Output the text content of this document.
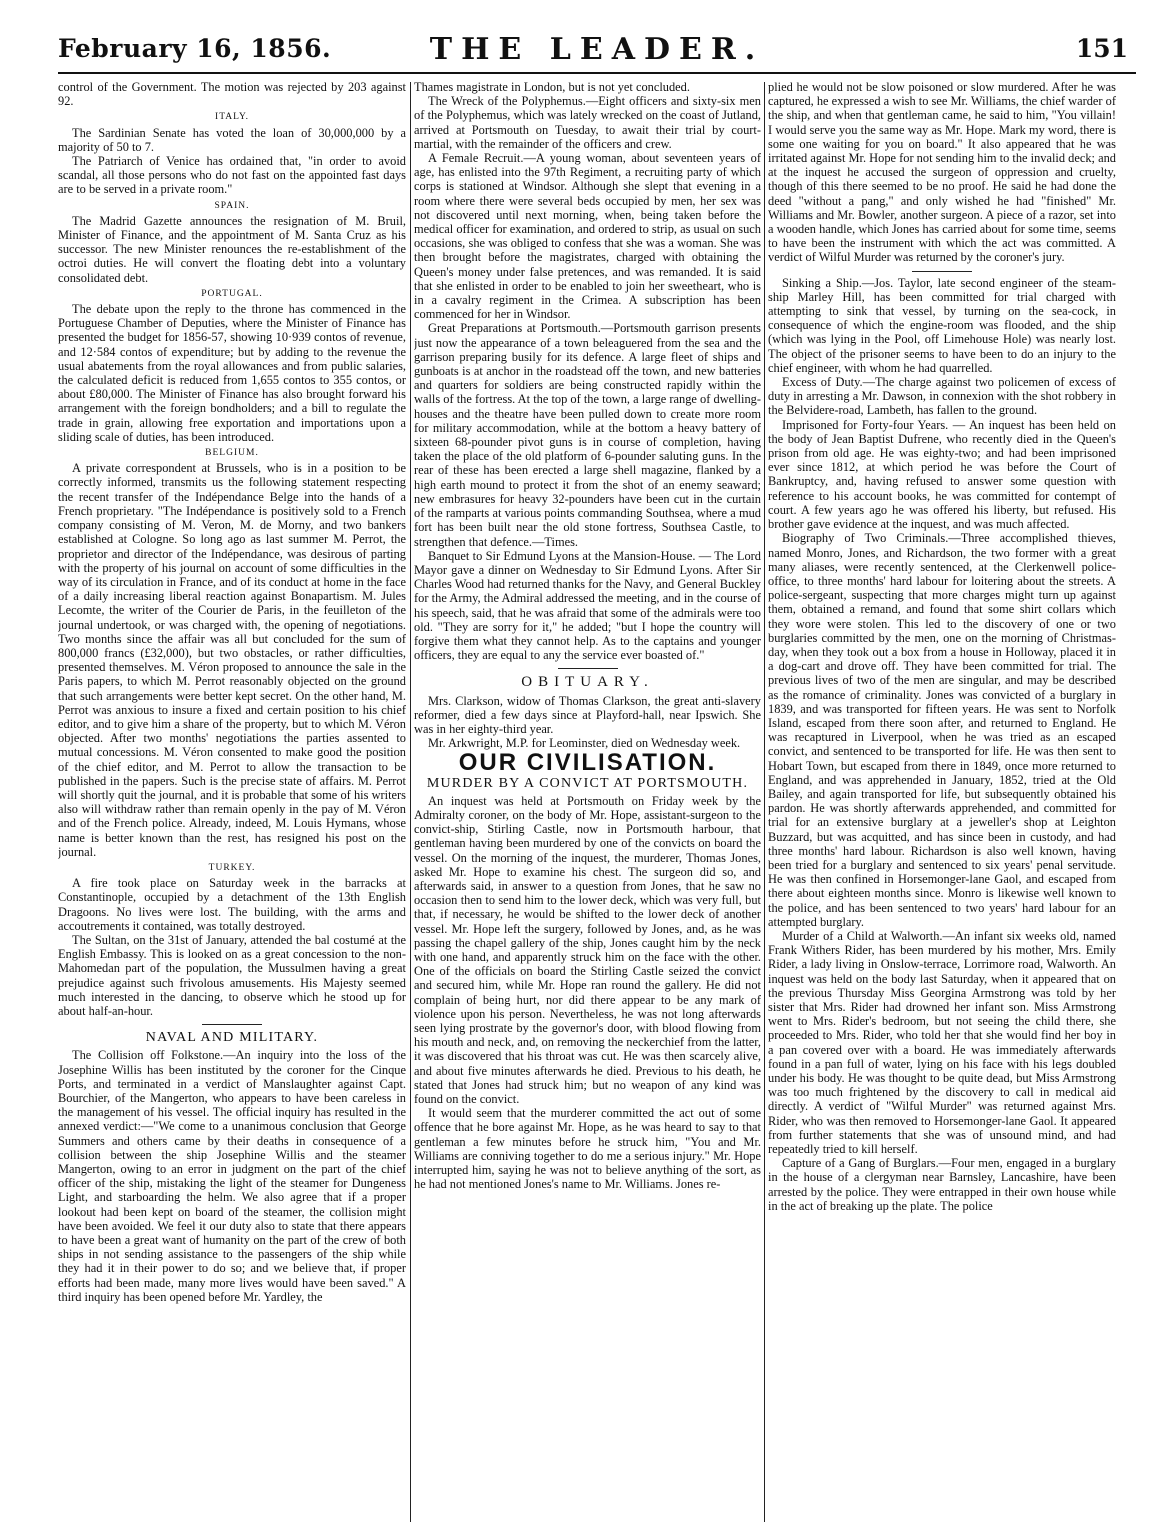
February 16, 1856.	THE LEADER.	151

control of the Government. The motion was rejected by 203 against 92.

ITALY.

The Sardinian Senate has voted the loan of 30,000,000 by a majority of 50 to 7.

The Patriarch of Venice has ordained that, "in order to avoid scandal, all those persons who do not fast on the appointed fast days are to be served in a private room."

SPAIN.

The Madrid Gazette announces the resignation of M. Bruil, Minister of Finance, and the appointment of M. Santa Cruz as his successor. The new Minister renounces the re-establishment of the octroi duties. He will convert the floating debt into a voluntary consolidated debt.

PORTUGAL.

The debate upon the reply to the throne has commenced in the Portuguese Chamber of Deputies, where the Minister of Finance has presented the budget for 1856-57, showing 10·939 contos of revenue, and 12·584 contos of expenditure; but by adding to the revenue the usual abatements from the royal allowances and from public salaries, the calculated deficit is reduced from 1,655 contos to 355 contos, or about £80,000. The Minister of Finance has also brought forward his arrangement with the foreign bondholders; and a bill to regulate the trade in grain, allowing free exportation and importations upon a sliding scale of duties, has been introduced.

BELGIUM.

A private correspondent at Brussels, who is in a position to be correctly informed, transmits us the following statement respecting the recent transfer of the Indépendance Belge into the hands of a French proprietary. "The Indépendance is positively sold to a French company consisting of M. Veron, M. de Morny, and two bankers established at Cologne. So long ago as last summer M. Perrot, the proprietor and director of the Indépendance, was desirous of parting with the property of his journal on account of some difficulties in the way of its circulation in France, and of its conduct at home in the face of a daily increasing liberal reaction against Bonapartism. M. Jules Lecomte, the writer of the Courier de Paris, in the feuilleton of the journal undertook, or was charged with, the opening of negotiations. Two months since the affair was all but concluded for the sum of 800,000 francs (£32,000), but two obstacles, or rather difficulties, presented themselves. M. Véron proposed to announce the sale in the Paris papers, to which M. Perrot reasonably objected on the ground that such arrangements were better kept secret. On the other hand, M. Perrot was anxious to insure a fixed and certain position to his chief editor, and to give him a share of the property, but to which M. Véron objected. After two months' negotiations the parties assented to mutual concessions. M. Véron consented to make good the position of the chief editor, and M. Perrot to allow the transaction to be published in the papers. Such is the precise state of affairs. M. Perrot will shortly quit the journal, and it is probable that some of his writers also will withdraw rather than remain openly in the pay of M. Véron and of the French police. Already, indeed, M. Louis Hymans, whose name is better known than the rest, has resigned his post on the journal.

TURKEY.

A fire took place on Saturday week in the barracks at Constantinople, occupied by a detachment of the 13th English Dragoons. No lives were lost. The building, with the arms and accoutrements it contained, was totally destroyed.

The Sultan, on the 31st of January, attended the bal costumé at the English Embassy. This is looked on as a great concession to the non-Mahomedan part of the population, the Mussulmen having a great prejudice against such frivolous amusements. His Majesty seemed much interested in the dancing, to observe which he stood up for about half-an-hour.

NAVAL AND MILITARY.

The Collision off Folkstone.—An inquiry into the loss of the Josephine Willis has been instituted by the coroner for the Cinque Ports, and terminated in a verdict of Manslaughter against Capt. Bourchier, of the Mangerton, who appears to have been careless in the management of his vessel. The official inquiry has resulted in the annexed verdict:—"We come to a unanimous conclusion that George Summers and others came by their deaths in consequence of a collision between the ship Josephine Willis and the steamer Mangerton, owing to an error in judgment on the part of the chief officer of the ship, mistaking the light of the steamer for Dungeness Light, and starboarding the helm. We also agree that if a proper lookout had been kept on board of the steamer, the collision might have been avoided. We feel it our duty also to state that there appears to have been a great want of humanity on the part of the crew of both ships in not sending assistance to the passengers of the ship while they had it in their power to do so; and we believe that, if proper efforts had been made, many more lives would have been saved." A third inquiry has been opened before Mr. Yardley, the

Thames magistrate in London, but is not yet concluded.

The Wreck of the Polyphemus.—Eight officers and sixty-six men of the Polyphemus, which was lately wrecked on the coast of Jutland, arrived at Portsmouth on Tuesday, to await their trial by court-martial, with the remainder of the officers and crew.

A Female Recruit.—A young woman, about seventeen years of age, has enlisted into the 97th Regiment, a recruiting party of which corps is stationed at Windsor. Although she slept that evening in a room where there were several beds occupied by men, her sex was not discovered until next morning, when, being taken before the medical officer for examination, and ordered to strip, as usual on such occasions, she was obliged to confess that she was a woman. She was then brought before the magistrates, charged with obtaining the Queen's money under false pretences, and was remanded. It is said that she enlisted in order to be enabled to join her sweetheart, who is in a cavalry regiment in the Crimea. A subscription has been commenced for her in Windsor.

Great Preparations at Portsmouth.—Portsmouth garrison presents just now the appearance of a town beleaguered from the sea and the garrison preparing busily for its defence. A large fleet of ships and gunboats is at anchor in the roadstead off the town, and new batteries and quarters for soldiers are being constructed rapidly within the walls of the fortress. At the top of the town, a large range of dwelling-houses and the theatre have been pulled down to create more room for military accommodation, while at the bottom a heavy battery of sixteen 68-pounder pivot guns is in course of completion, having taken the place of the old platform of 6-pounder saluting guns. In the rear of these has been erected a large shell magazine, flanked by a high earth mound to protect it from the shot of an enemy seaward; new embrasures for heavy 32-pounders have been cut in the curtain of the ramparts at various points commanding Southsea, where a mud fort has been built near the old stone fortress, Southsea Castle, to strengthen that defence.—Times.

Banquet to Sir Edmund Lyons at the Mansion-House. — The Lord Mayor gave a dinner on Wednesday to Sir Edmund Lyons. After Sir Charles Wood had returned thanks for the Navy, and General Buckley for the Army, the Admiral addressed the meeting, and in the course of his speech, said, that he was afraid that some of the admirals were too old. "They are sorry for it," he added; "but I hope the country will forgive them what they cannot help. As to the captains and younger officers, they are equal to any the service ever boasted of."

OBITUARY.

Mrs. Clarkson, widow of Thomas Clarkson, the great anti-slavery reformer, died a few days since at Playford-hall, near Ipswich. She was in her eighty-third year.

Mr. Arkwright, M.P. for Leominster, died on Wednesday week.

OUR CIVILISATION.
MURDER BY A CONVICT AT PORTSMOUTH.

An inquest was held at Portsmouth on Friday week by the Admiralty coroner, on the body of Mr. Hope, assistant-surgeon to the convict-ship, Stirling Castle, now in Portsmouth harbour, that gentleman having been murdered by one of the convicts on board the vessel. On the morning of the inquest, the murderer, Thomas Jones, asked Mr. Hope to examine his chest. The surgeon did so, and afterwards said, in answer to a question from Jones, that he saw no occasion then to send him to the lower deck, which was very full, but that, if necessary, he would be shifted to the lower deck of another vessel. Mr. Hope left the surgery, followed by Jones, and, as he was passing the chapel gallery of the ship, Jones caught him by the neck with one hand, and apparently struck him on the face with the other. One of the officials on board the Stirling Castle seized the convict and secured him, while Mr. Hope ran round the gallery. He did not complain of being hurt, nor did there appear to be any mark of violence upon his person. Nevertheless, he was not long afterwards seen lying prostrate by the governor's door, with blood flowing from his mouth and neck, and, on removing the neckerchief from the latter, it was discovered that his throat was cut. He was then scarcely alive, and about five minutes afterwards he died. Previous to his death, he stated that Jones had struck him; but no weapon of any kind was found on the convict.

It would seem that the murderer committed the act out of some offence that he bore against Mr. Hope, as he was heard to say to that gentleman a few minutes before he struck him, "You and Mr. Williams are conniving together to do me a serious injury." Mr. Hope interrupted him, saying he was not to believe anything of the sort, as he had not mentioned Jones's name to Mr. Williams. Jones re-

plied he would not be slow poisoned or slow murdered. After he was captured, he expressed a wish to see Mr. Williams, the chief warder of the ship, and when that gentleman came, he said to him, "You villain! I would serve you the same way as Mr. Hope. Mark my word, there is some one waiting for you on board." It also appeared that he was irritated against Mr. Hope for not sending him to the invalid deck; and at the inquest he accused the surgeon of oppression and cruelty, though of this there seemed to be no proof. He said he had done the deed "without a pang," and only wished he had "finished" Mr. Williams and Mr. Bowler, another surgeon. A piece of a razor, set into a wooden handle, which Jones has carried about for some time, seems to have been the instrument with which the act was committed. A verdict of Wilful Murder was returned by the coroner's jury.

Sinking a Ship.—Jos. Taylor, late second engineer of the steam-ship Marley Hill, has been committed for trial charged with attempting to sink that vessel, by turning on the sea-cock, in consequence of which the engine-room was flooded, and the ship (which was lying in the Pool, off Limehouse Hole) was nearly lost. The object of the prisoner seems to have been to do an injury to the chief engineer, with whom he had quarrelled.

Excess of Duty.—The charge against two policemen of excess of duty in arresting a Mr. Dawson, in connexion with the shot robbery in the Belvidere-road, Lambeth, has fallen to the ground.

Imprisoned for Forty-four Years. — An inquest has been held on the body of Jean Baptist Dufrene, who recently died in the Queen's prison from old age. He was eighty-two; and had been imprisoned ever since 1812, at which period he was before the Court of Bankruptcy, and, having refused to answer some question with reference to his account books, he was committed for contempt of court. A few years ago he was offered his liberty, but refused. His brother gave evidence at the inquest, and was much affected.

Biography of Two Criminals.—Three accomplished thieves, named Monro, Jones, and Richardson, the two former with a great many aliases, were recently sentenced, at the Clerkenwell police-office, to three months' hard labour for loitering about the streets. A police-sergeant, suspecting that more charges might turn up against them, obtained a remand, and found that some shirt collars which they wore were stolen. This led to the discovery of one or two burglaries committed by the men, one on the morning of Christmas-day, when they took out a box from a house in Holloway, placed it in a dog-cart and drove off. They have been committed for trial. The previous lives of two of the men are singular, and may be described as the romance of criminality. Jones was convicted of a burglary in 1839, and was transported for fifteen years. He was sent to Norfolk Island, escaped from there soon after, and returned to England. He was recaptured in Liverpool, when he was tried as an escaped convict, and sentenced to be transported for life. He was then sent to Hobart Town, but escaped from there in 1849, once more returned to England, and was apprehended in January, 1852, tried at the Old Bailey, and again transported for life, but subsequently obtained his pardon. He was shortly afterwards apprehended, and committed for trial for an extensive burglary at a jeweller's shop at Leighton Buzzard, but was acquitted, and has since been in custody, and had three months' hard labour. Richardson is also well known, having been tried for a burglary and sentenced to six years' penal servitude. He was then confined in Horsemonger-lane Gaol, and escaped from there about eighteen months since. Monro is likewise well known to the police, and has been sentenced to two years' hard labour for an attempted burglary.

Murder of a Child at Walworth.—An infant six weeks old, named Frank Withers Rider, has been murdered by his mother, Mrs. Emily Rider, a lady living in Onslow-terrace, Lorrimore road, Walworth. An inquest was held on the body last Saturday, when it appeared that on the previous Thursday Miss Georgina Armstrong was told by her sister that Mrs. Rider had drowned her infant son. Miss Armstrong went to Mrs. Rider's bedroom, but not seeing the child there, she proceeded to Mrs. Rider, who told her that she would find her boy in a pan covered over with a board. He was immediately afterwards found in a pan full of water, lying on his face with his legs doubled under his body. He was thought to be quite dead, but Miss Armstrong was too much frightened by the discovery to call in medical aid directly. A verdict of "Wilful Murder" was returned against Mrs. Rider, who was then removed to Horsemonger-lane Gaol. It appeared from further statements that she was of unsound mind, and had repeatedly tried to kill herself.

Capture of a Gang of Burglars.—Four men, engaged in a burglary in the house of a clergyman near Barnsley, Lancashire, have been arrested by the police. They were entrapped in their own house while in the act of breaking up the plate. The police
